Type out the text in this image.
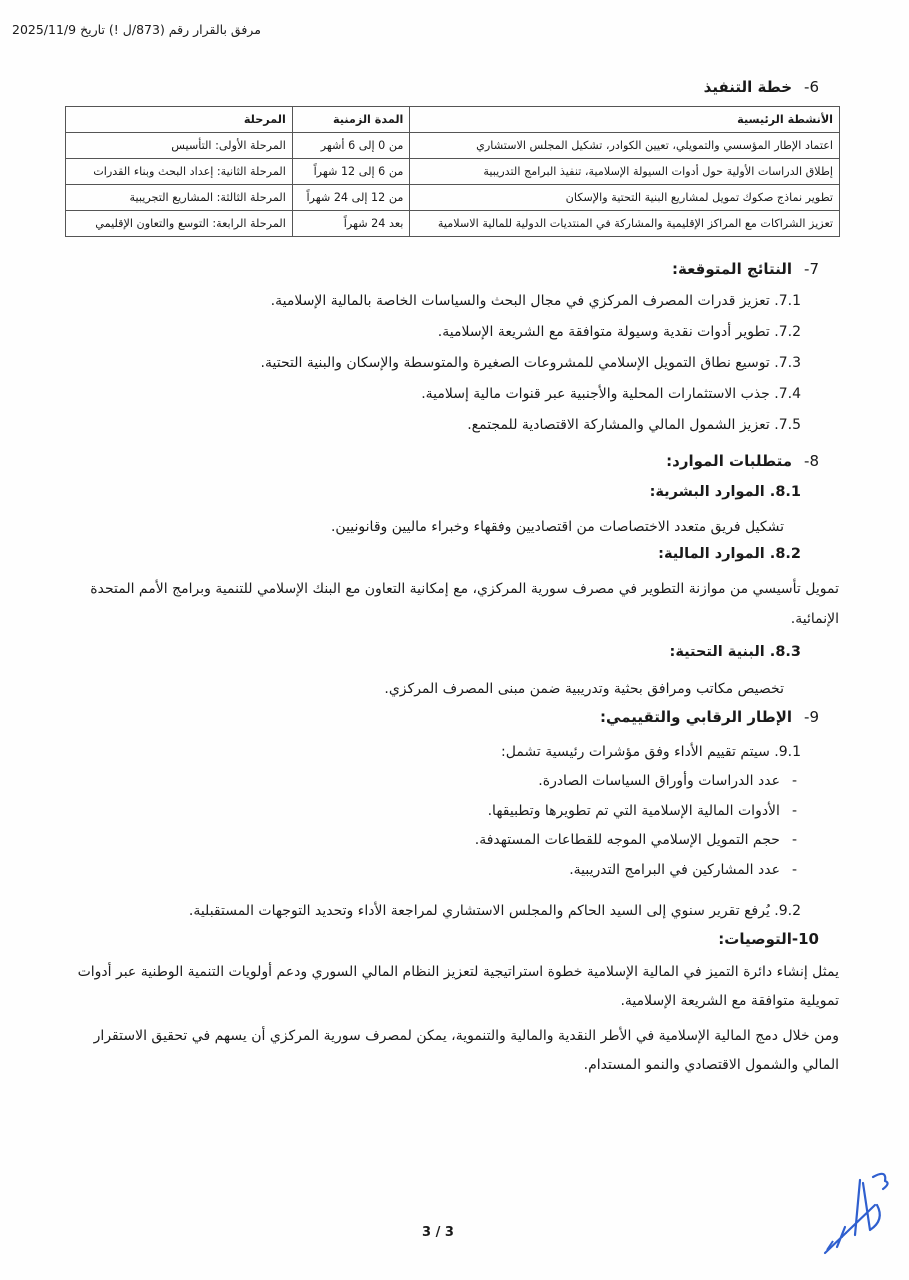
مرفق بالقرار رقم (873/ل !) تاريخ 2025/11/9
6-خطة التنفيذ
الأنشطة الرئيسية	المدة الزمنية	المرحلة
اعتماد الإطار المؤسسي والتمويلي، تعيين الكوادر، تشكيل المجلس الاستشاري	من 0 إلى 6 أشهر	المرحلة الأولى: التأسيس
إطلاق الدراسات الأولية حول أدوات السيولة الإسلامية، تنفيذ البرامج التدريبية	من 6 إلى 12 شهراً	المرحلة الثانية: إعداد البحث وبناء القدرات
تطوير نماذج صكوك تمويل لمشاريع البنية التحتية والإسكان	من 12 إلى 24 شهراً	المرحلة الثالثة: المشاريع التجريبية
تعزيز الشراكات مع المراكز الإقليمية والمشاركة في المنتديات الدولية للمالية الاسلامية	بعد 24 شهراً	المرحلة الرابعة: التوسع والتعاون الإقليمي
7-النتائج المتوقعة:
7.1. تعزيز قدرات المصرف المركزي في مجال البحث والسياسات الخاصة بالمالية الإسلامية.
7.2. تطوير أدوات نقدية وسيولة متوافقة مع الشريعة الإسلامية.
7.3. توسيع نطاق التمويل الإسلامي للمشروعات الصغيرة والمتوسطة والإسكان والبنية التحتية.
7.4. جذب الاستثمارات المحلية والأجنبية عبر قنوات مالية إسلامية.
7.5. تعزيز الشمول المالي والمشاركة الاقتصادية للمجتمع.
8-متطلبات الموارد:
8.1. الموارد البشرية:
تشكيل فريق متعدد الاختصاصات من اقتصاديين وفقهاء وخبراء ماليين وقانونيين.
8.2. الموارد المالية:
تمويل تأسيسي من موازنة التطوير في مصرف سورية المركزي، مع إمكانية التعاون مع البنك الإسلامي للتنمية وبرامج الأمم المتحدة الإنمائية.
8.3. البنية التحتية:
تخصيص مكاتب ومرافق بحثية وتدريبية ضمن مبنى المصرف المركزي.
9-الإطار الرقابي والتقييمي:
9.1. سيتم تقييم الأداء وفق مؤشرات رئيسية تشمل:
-عدد الدراسات وأوراق السياسات الصادرة.
-الأدوات المالية الإسلامية التي تم تطويرها وتطبيقها.
-حجم التمويل الإسلامي الموجه للقطاعات المستهدفة.
-عدد المشاركين في البرامج التدريبية.
9.2. يُرفع تقرير سنوي إلى السيد الحاكم والمجلس الاستشاري لمراجعة الأداء وتحديد التوجهات المستقبلية.
10-التوصيات:
يمثل إنشاء دائرة التميز في المالية الإسلامية خطوة استراتيجية لتعزيز النظام المالي السوري ودعم أولويات التنمية الوطنية عبر أدوات تمويلية متوافقة مع الشريعة الإسلامية.
ومن خلال دمج المالية الإسلامية في الأطر النقدية والمالية والتنموية، يمكن لمصرف سورية المركزي أن يسهم في تحقيق الاستقرار المالي والشمول الاقتصادي والنمو المستدام.
3 / 3
